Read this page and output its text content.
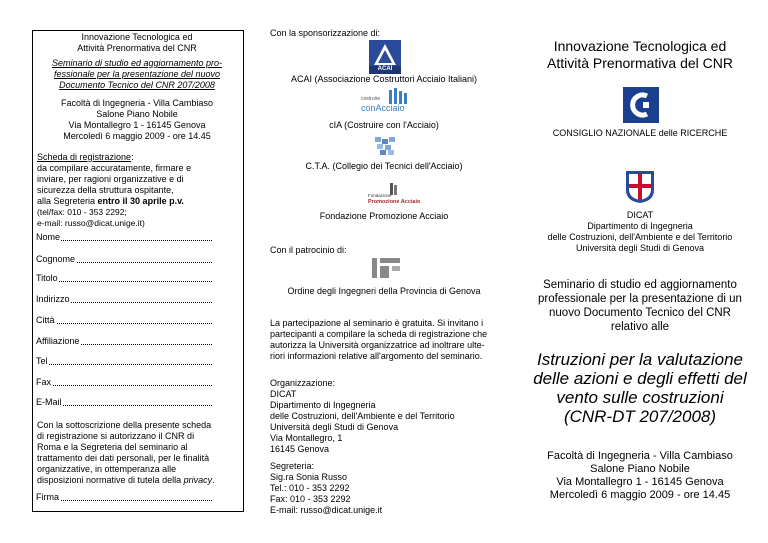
Innovazione Tecnologica ed
Attività Prenormativa del CNR
Seminario di studio ed aggiornamento pro-
fessionale per la presentazione del nuovo
Documento Tecnico del CNR 207/2008
Facoltà di Ingegneria - Villa Cambiaso
Salone Piano Nobile
Via Montallegro 1 - 16145 Genova
Mercoledì 6 maggio 2009 - ore 14.45
Scheda di registrazione:
da compilare accuratamente, firmare e
inviare, per ragioni organizzative e di
sicurezza della struttura ospitante,
alla Segreteria entro il 30 aprile p.v.
(tel/fax: 010 - 353 2292;
e-mail: russo@dicat.unige.it)
Nome
Cognome
Titolo
Indirizzo
Città
Affiliazione
Tel
Fax
E-Mail
Con la sottoscrizione della presente scheda
di registrazione si autorizzano il CNR di
Roma e la Segreteria del seminario al
trattamento dei dati personali, per le finalità
organizzative, in ottemperanza alle
disposizioni normative di tutela della privacy.
Firma
Con la sponsorizzazione di:
ACAI
ACAI (Associazione Costruttori Acciaio Italiani)
costruire
conAcciaio
cIA (Costruire con l'Acciaio)
C.T.A. (Collegio dei Tecnici dell'Acciaio)
Fondazione
Promozione Acciaio
Fondazione Promozione Acciaio
Con il patrocinio di:
Ordine degli Ingegneri della Provincia di Genova
La partecipazione al seminario è gratuita. Si invitano i
partecipanti a compilare la scheda di registrazione che
autorizza la Università organizzatrice ad inoltrare ulte-
riori informazioni relative all'argomento del seminario.
Organizzazione:
DICAT
Dipartimento di Ingegneria
delle Costruzioni, dell'Ambiente e del Territorio
Università degli Studi di Genova
Via Montallegro, 1
16145 Genova
Segreteria:
Sig.ra Sonia Russo
Tel.: 010 - 353 2292
Fax: 010 - 353 2292
E-mail: russo@dicat.unige.it
Innovazione Tecnologica ed
Attività Prenormativa del CNR
CONSIGLIO NAZIONALE delle RICERCHE
DICAT
Dipartimento di Ingegneria
delle Costruzioni, dell'Ambiente e del Territorio
Università degli Studi di Genova
Seminario di studio ed aggiornamento
professionale per la presentazione di un
nuovo Documento Tecnico del CNR
relativo alle
Istruzioni per la valutazione
delle azioni e degli effetti del
vento sulle costruzioni
(CNR-DT 207/2008)
Facoltà di Ingegneria - Villa Cambiaso
Salone Piano Nobile
Via Montallegro 1 - 16145 Genova
Mercoledì 6 maggio 2009 - ore 14.45
